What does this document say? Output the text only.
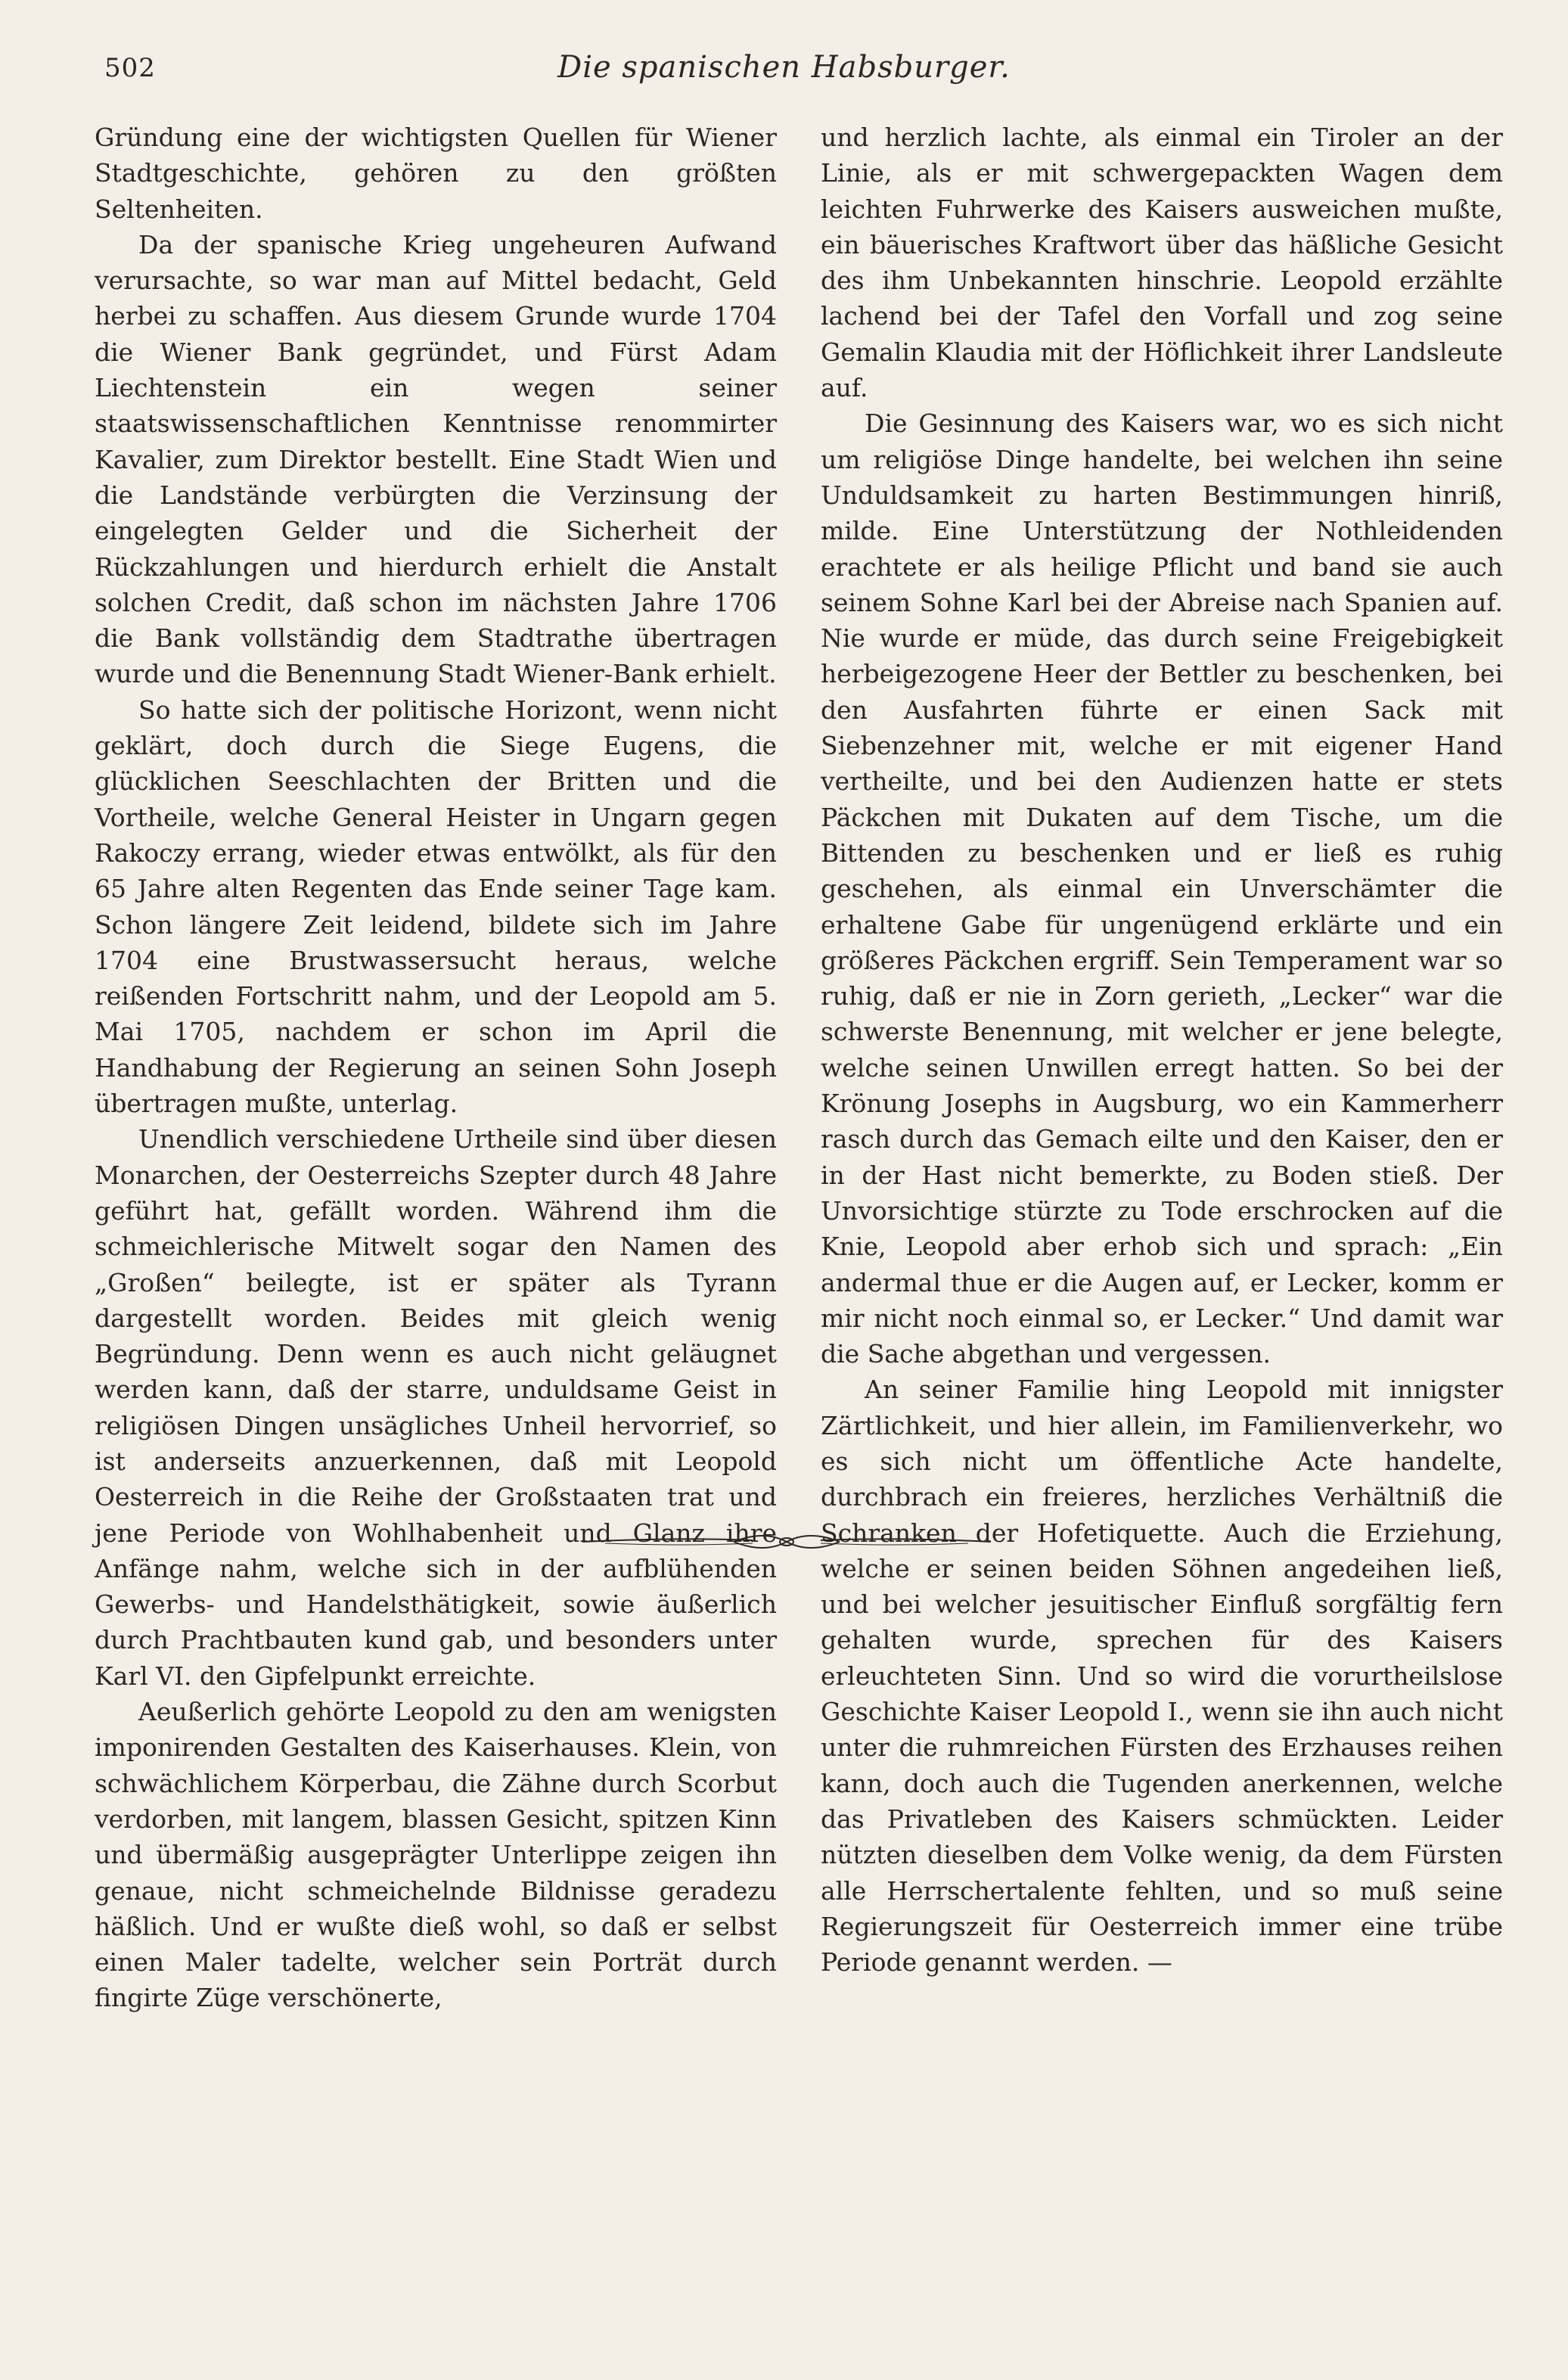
502	Die spanischen Habsburger.

Gründung eine der wichtigsten Quellen für Wiener Stadtgeschichte, gehören zu den größten Seltenheiten.

Da der spanische Krieg ungeheuren Aufwand verursachte, so war man auf Mittel bedacht, Geld herbei zu schaffen. Aus diesem Grunde wurde 1704 die Wiener Bank gegründet, und Fürst Adam Liechtenstein ein wegen seiner staatswissenschaftlichen Kenntnisse renommirter Kavalier, zum Direktor bestellt. Eine Stadt Wien und die Landstände verbürgten die Verzinsung der eingelegten Gelder und die Sicherheit der Rückzahlungen und hierdurch erhielt die Anstalt solchen Credit, daß schon im nächsten Jahre 1706 die Bank vollständig dem Stadtrathe übertragen wurde und die Benennung Stadt Wiener-Bank erhielt.

So hatte sich der politische Horizont, wenn nicht geklärt, doch durch die Siege Eugens, die glücklichen Seeschlachten der Britten und die Vortheile, welche General Heister in Ungarn gegen Rakoczy errang, wieder etwas entwölkt, als für den 65 Jahre alten Regenten das Ende seiner Tage kam. Schon längere Zeit leidend, bildete sich im Jahre 1704 eine Brustwassersucht heraus, welche reißenden Fortschritt nahm, und der Leopold am 5. Mai 1705, nachdem er schon im April die Handhabung der Regierung an seinen Sohn Joseph übertragen mußte, unterlag.

Unendlich verschiedene Urtheile sind über diesen Monarchen, der Oesterreichs Szepter durch 48 Jahre geführt hat, gefällt worden. Während ihm die schmeichlerische Mitwelt sogar den Namen des „Großen“ beilegte, ist er später als Tyrann dargestellt worden. Beides mit gleich wenig Begründung. Denn wenn es auch nicht geläugnet werden kann, daß der starre, unduldsame Geist in religiösen Dingen unsägliches Unheil hervorrief, so ist anderseits anzuerkennen, daß mit Leopold Oesterreich in die Reihe der Großstaaten trat und jene Periode von Wohlhabenheit und Glanz ihre Anfänge nahm, welche sich in der aufblühenden Gewerbs- und Handelsthätigkeit, sowie äußerlich durch Prachtbauten kund gab, und besonders unter Karl VI. den Gipfelpunkt erreichte.

Aeußerlich gehörte Leopold zu den am wenigsten imponirenden Gestalten des Kaiserhauses. Klein, von schwächlichem Körperbau, die Zähne durch Scorbut verdorben, mit langem, blassen Gesicht, spitzen Kinn und übermäßig ausgeprägter Unterlippe zeigen ihn genaue, nicht schmeichelnde Bildnisse geradezu häßlich. Und er wußte dieß wohl, so daß er selbst einen Maler tadelte, welcher sein Porträt durch fingirte Züge verschönerte,

und herzlich lachte, als einmal ein Tiroler an der Linie, als er mit schwergepackten Wagen dem leichten Fuhrwerke des Kaisers ausweichen mußte, ein bäuerisches Kraftwort über das häßliche Gesicht des ihm Unbekannten hinschrie. Leopold erzählte lachend bei der Tafel den Vorfall und zog seine Gemalin Klaudia mit der Höflichkeit ihrer Landsleute auf.

Die Gesinnung des Kaisers war, wo es sich nicht um religiöse Dinge handelte, bei welchen ihn seine Unduldsamkeit zu harten Bestimmungen hinriß, milde. Eine Unterstützung der Nothleidenden erachtete er als heilige Pflicht und band sie auch seinem Sohne Karl bei der Abreise nach Spanien auf. Nie wurde er müde, das durch seine Freigebigkeit herbeigezogene Heer der Bettler zu beschenken, bei den Ausfahrten führte er einen Sack mit Siebenzehner mit, welche er mit eigener Hand vertheilte, und bei den Audienzen hatte er stets Päckchen mit Dukaten auf dem Tische, um die Bittenden zu beschenken und er ließ es ruhig geschehen, als einmal ein Unverschämter die erhaltene Gabe für ungenügend erklärte und ein größeres Päckchen ergriff. Sein Temperament war so ruhig, daß er nie in Zorn gerieth, „Lecker“ war die schwerste Benennung, mit welcher er jene belegte, welche seinen Unwillen erregt hatten. So bei der Krönung Josephs in Augsburg, wo ein Kammerherr rasch durch das Gemach eilte und den Kaiser, den er in der Hast nicht bemerkte, zu Boden stieß. Der Unvorsichtige stürzte zu Tode erschrocken auf die Knie, Leopold aber erhob sich und sprach: „Ein andermal thue er die Augen auf, er Lecker, komm er mir nicht noch einmal so, er Lecker.“ Und damit war die Sache abgethan und vergessen.

An seiner Familie hing Leopold mit innigster Zärtlichkeit, und hier allein, im Familienverkehr, wo es sich nicht um öffentliche Acte handelte, durchbrach ein freieres, herzliches Verhältniß die Schranken der Hofetiquette. Auch die Erziehung, welche er seinen beiden Söhnen angedeihen ließ, und bei welcher jesuitischer Einfluß sorgfältig fern gehalten wurde, sprechen für des Kaisers erleuchteten Sinn. Und so wird die vorurtheilslose Geschichte Kaiser Leopold I., wenn sie ihn auch nicht unter die ruhmreichen Fürsten des Erzhauses reihen kann, doch auch die Tugenden anerkennen, welche das Privatleben des Kaisers schmückten. Leider nützten dieselben dem Volke wenig, da dem Fürsten alle Herrschertalente fehlten, und so muß seine Regierungszeit für Oesterreich immer eine trübe Periode genannt werden. —
